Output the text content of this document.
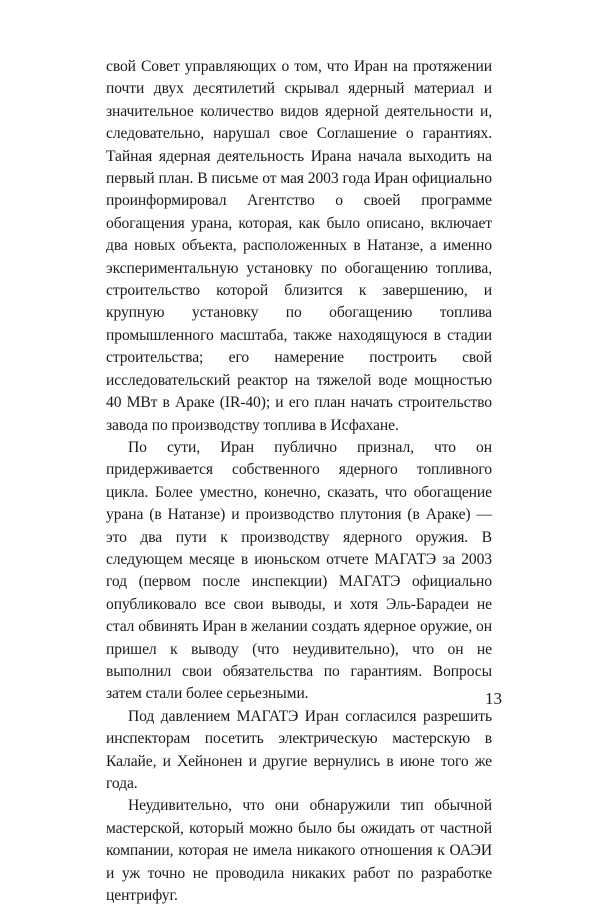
свой Совет управляющих о том, что Иран на протяжении почти двух десятилетий скрывал ядерный материал и значительное количество видов ядерной деятельности и, следовательно, нарушал свое Соглашение о гарантиях. Тайная ядерная деятельность Ирана начала выходить на первый план. В письме от мая 2003 года Иран официально проинформировал Агентство о своей программе обогащения урана, которая, как было описано, включает два новых объекта, расположенных в Натанзе, а именно экспериментальную установку по обогащению топлива, строительство которой близится к завершению, и крупную установку по обогащению топлива промышленного масштаба, также находящуюся в стадии строительства; его намерение построить свой исследовательский реактор на тяжелой воде мощностью 40 МВт в Араке (IR-40); и его план начать строительство завода по производству топлива в Исфахане.

По сути, Иран публично признал, что он придерживается собственного ядерного топливного цикла. Более уместно, конечно, сказать, что обогащение урана (в Натанзе) и производство плутония (в Араке) — это два пути к производству ядерного оружия. В следующем месяце в июньском отчете МАГАТЭ за 2003 год (первом после инспекции) МАГАТЭ официально опубликовало все свои выводы, и хотя Эль-Барадеи не стал обвинять Иран в желании создать ядерное оружие, он пришел к выводу (что неудивительно), что он не выполнил свои обязательства по гарантиям. Вопросы затем стали более серьезными.

Под давлением МАГАТЭ Иран согласился разрешить инспекторам посетить электрическую мастерскую в Калайе, и Хейнонен и другие вернулись в июне того же года.

Неудивительно, что они обнаружили тип обычной мастерской, который можно было бы ожидать от частной компании, которая не имела никакого отношения к ОАЭИ и уж точно не проводила никаких работ по разработке центрифуг.

13
